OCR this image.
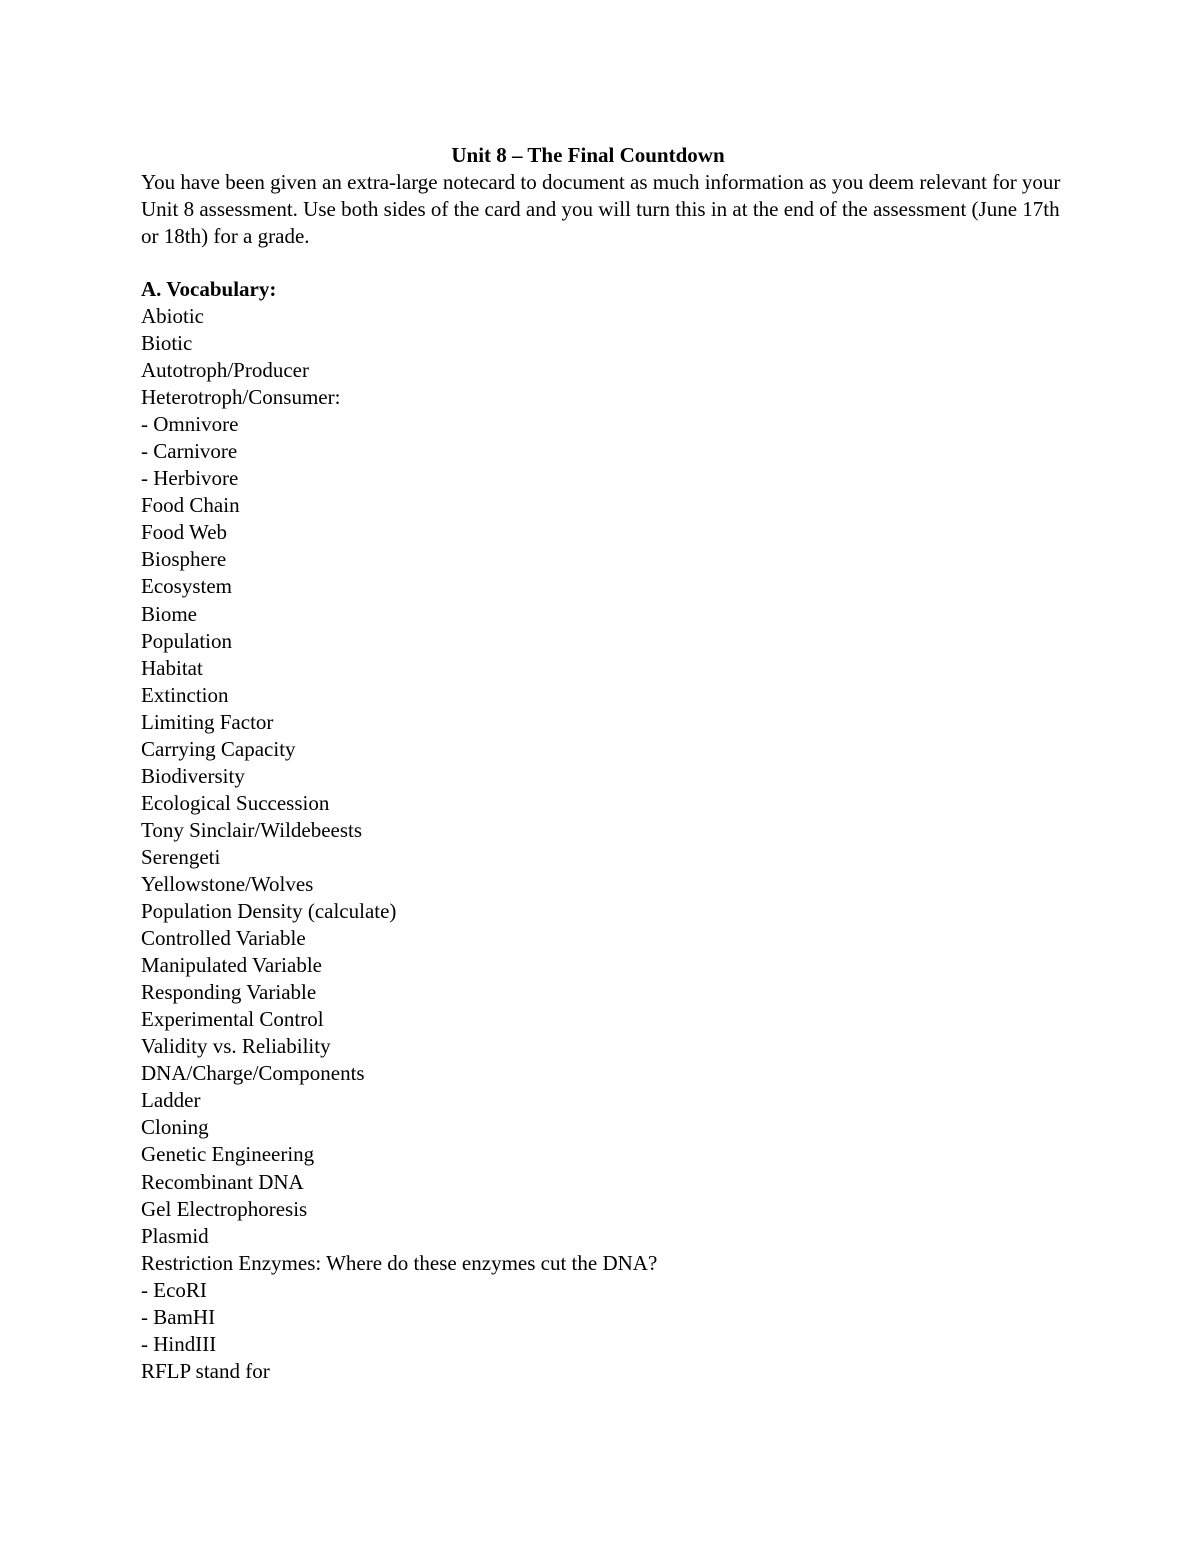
Unit 8 – The Final Countdown

You have been given an extra-large notecard to document as much information as you deem relevant for your Unit 8 assessment. Use both sides of the card and you will turn this in at the end of the assessment (June 17th or 18th) for a grade.

A. Vocabulary:
Abiotic
Biotic
Autotroph/Producer
Heterotroph/Consumer:
- Omnivore
- Carnivore
- Herbivore
Food Chain
Food Web
Biosphere
Ecosystem
Biome
Population
Habitat
Extinction
Limiting Factor
Carrying Capacity
Biodiversity
Ecological Succession
Tony Sinclair/Wildebeests
Serengeti
Yellowstone/Wolves
Population Density (calculate)
Controlled Variable
Manipulated Variable
Responding Variable
Experimental Control
Validity vs. Reliability
DNA/Charge/Components
Ladder
Cloning
Genetic Engineering
Recombinant DNA
Gel Electrophoresis
Plasmid
Restriction Enzymes: Where do these enzymes cut the DNA?
- EcoRI
- BamHI
- HindIII
RFLP stand for
